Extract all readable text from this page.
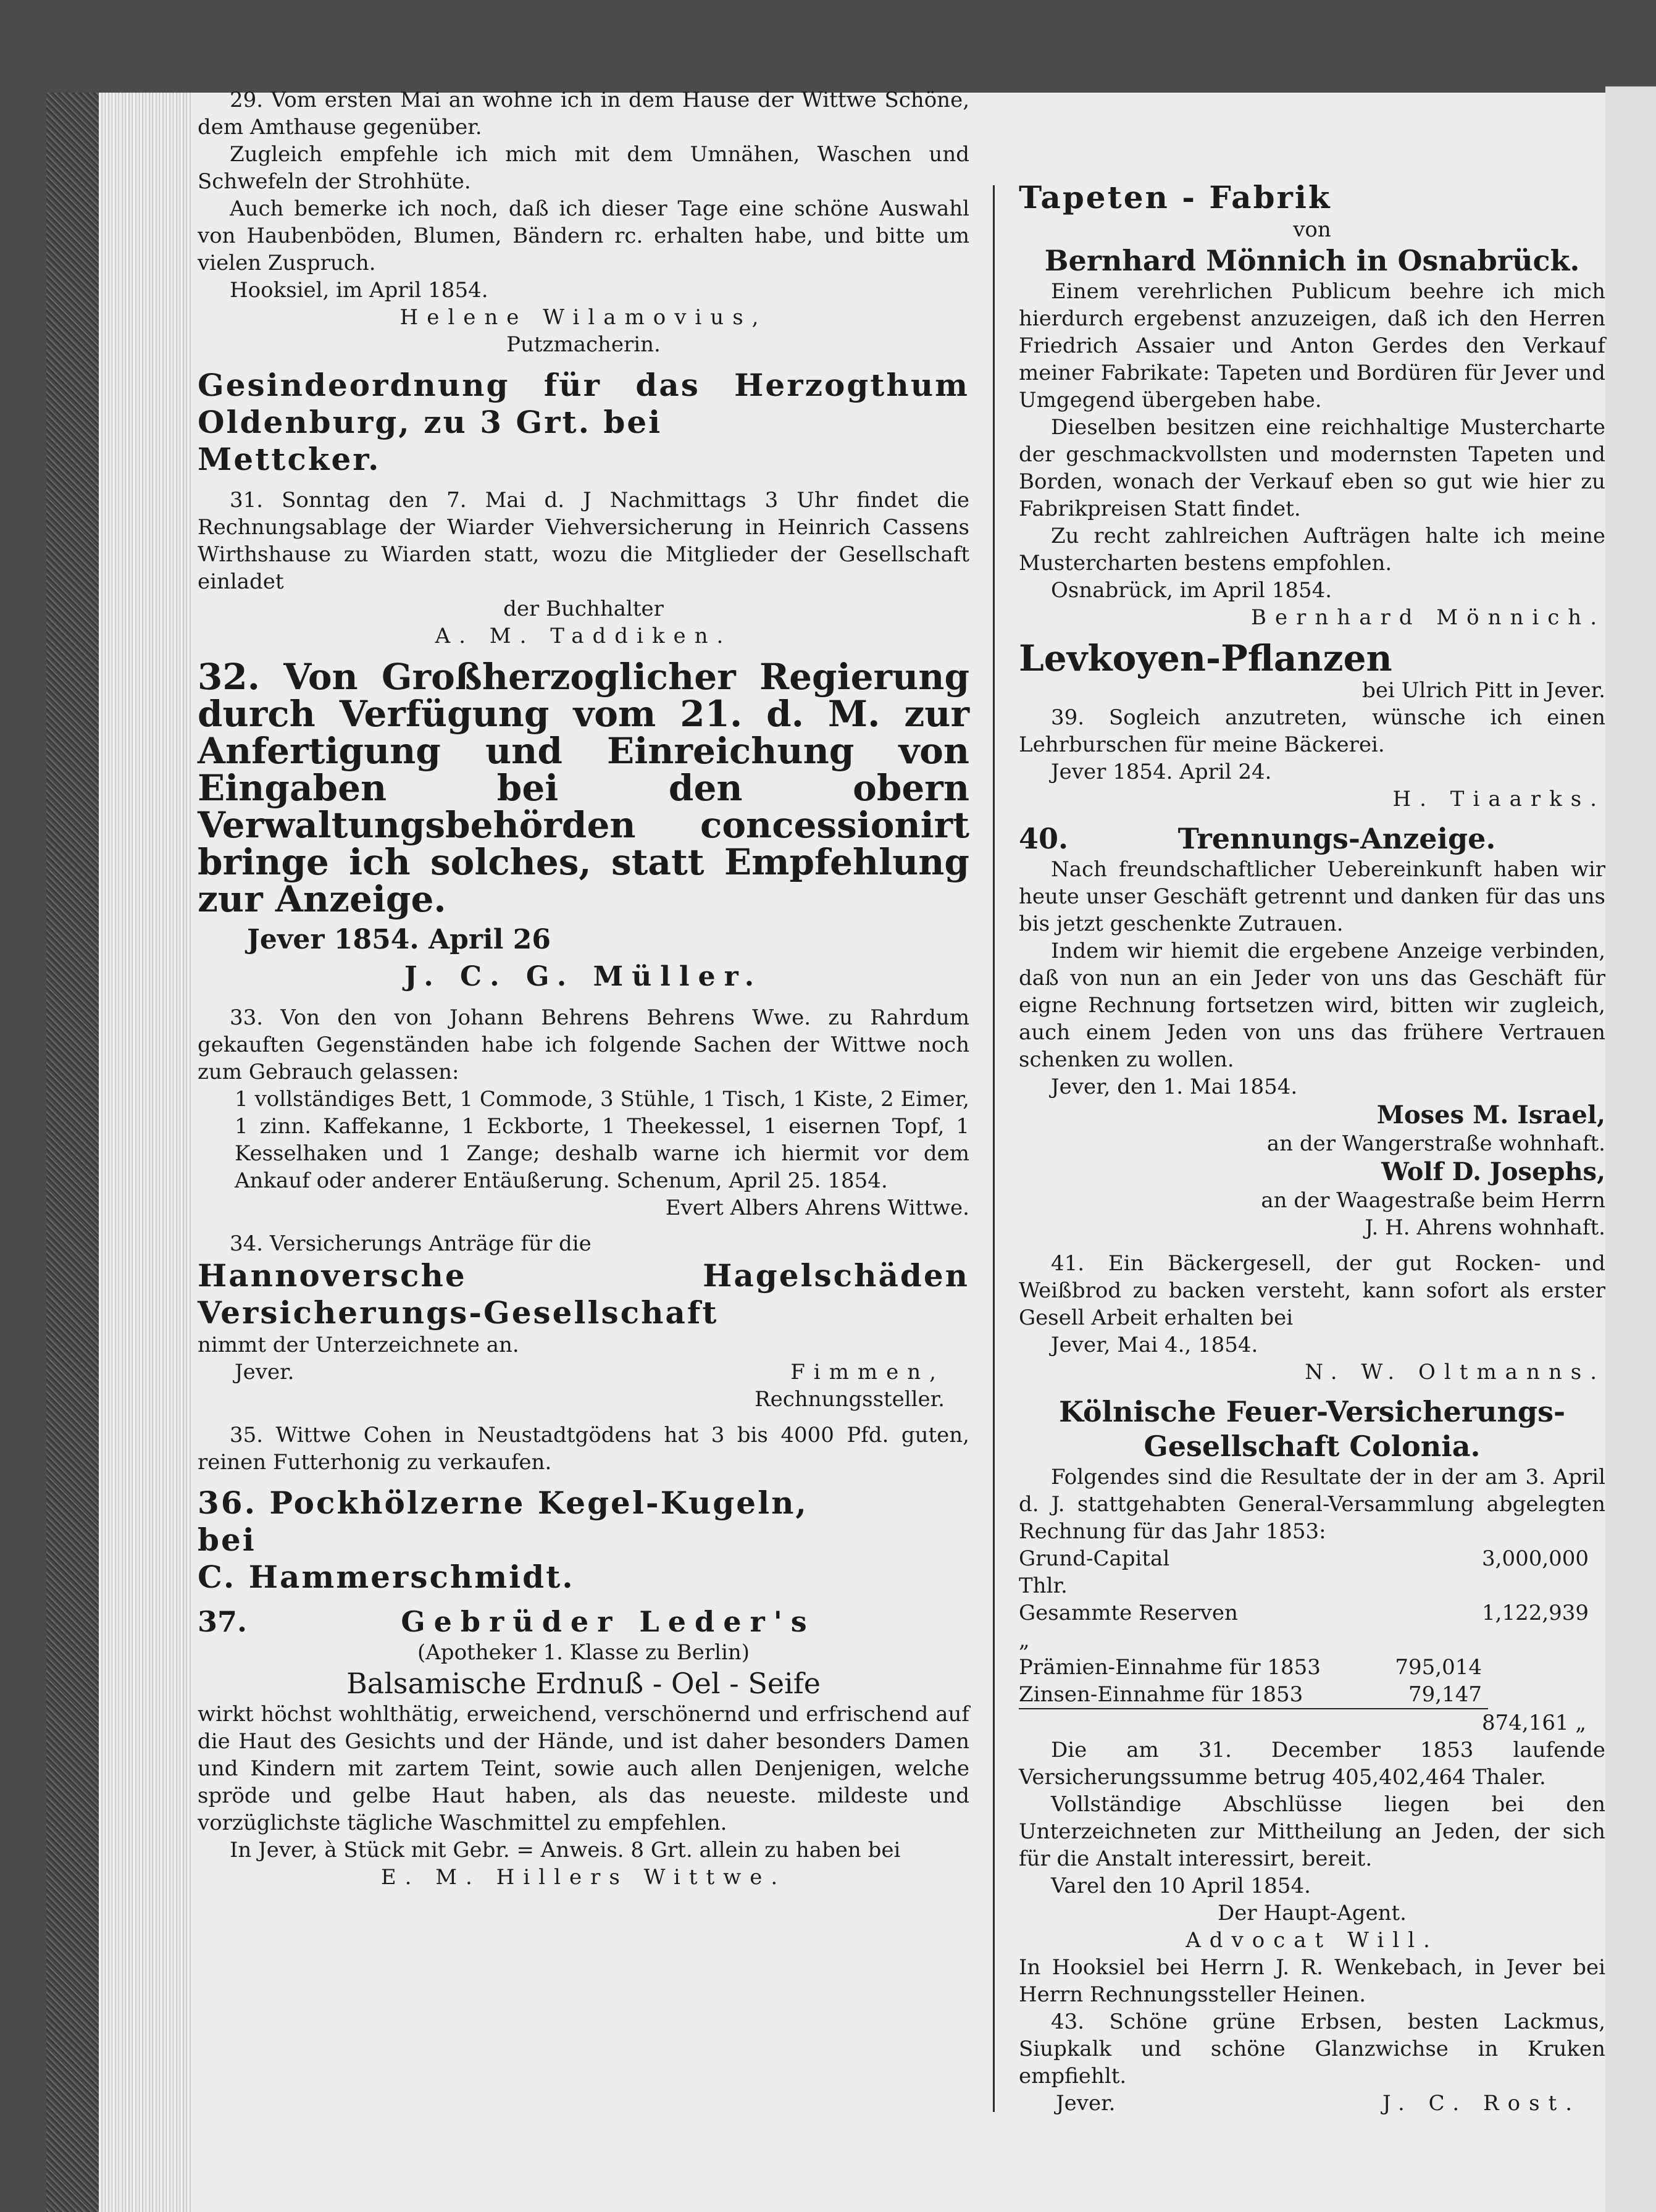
29. Vom ersten Mai an wohne ich in dem Hause der Wittwe Schöne, dem Amthause gegenüber.

Zugleich empfehle ich mich mit dem Umnähen, Waschen und Schwefeln der Strohhüte.

Auch bemerke ich noch, daß ich dieser Tage eine schöne Auswahl von Haubenböden, Blumen, Bändern rc. erhalten habe, und bitte um vielen Zuspruch.

Hooksiel, im April 1854.

Helene Wilamovius,

Putzmacherin.

Gesindeordnung für das Herzogthum Oldenburg, zu 3 Grt. bei

Mettcker.

31. Sonntag den 7. Mai d. J Nachmittags 3 Uhr findet die Rechnungsablage der Wiarder Viehversicherung in Heinrich Cassens Wirthshause zu Wiarden statt, wozu die Mitglieder der Gesellschaft einladet

der Buchhalter

A. M. Taddiken.

32. Von Großherzoglicher Regierung durch Verfügung vom 21. d. M. zur Anfertigung und Einreichung von Eingaben bei den obern Verwaltungsbehörden concessionirt bringe ich solches, statt Empfehlung zur Anzeige.

Jever 1854. April 26

J. C. G. Müller.

33. Von den von Johann Behrens Behrens Wwe. zu Rahrdum gekauften Gegenständen habe ich folgende Sachen der Wittwe noch zum Gebrauch gelassen:

1 vollständiges Bett, 1 Commode, 3 Stühle, 1 Tisch, 1 Kiste, 2 Eimer, 1 zinn. Kaffekanne, 1 Eckborte, 1 Theekessel, 1 eisernen Topf, 1 Kesselhaken und 1 Zange; deshalb warne ich hiermit vor dem Ankauf oder anderer Entäußerung. Schenum, April 25. 1854.

Evert Albers Ahrens Wittwe.

34. Versicherungs Anträge für die

Hannoversche Hagelschäden Versicherungs-Gesellschaft

nimmt der Unterzeichnete an.

Jever.	Fimmen,

Rechnungssteller.

35. Wittwe Cohen in Neustadtgödens hat 3 bis 4000 Pfd. guten, reinen Futterhonig zu verkaufen.

36. Pockhölzerne Kegel-Kugeln,

bei

C. Hammerschmidt.

37.	Gebrüder Leder's

(Apotheker 1. Klasse zu Berlin)

Balsamische Erdnuß - Oel - Seife

wirkt höchst wohlthätig, erweichend, verschönernd und erfrischend auf die Haut des Gesichts und der Hände, und ist daher besonders Damen und Kindern mit zartem Teint, sowie auch allen Denjenigen, welche spröde und gelbe Haut haben, als das neueste. mildeste und vorzüglichste tägliche Waschmittel zu empfehlen.

In Jever, à Stück mit Gebr. = Anweis. 8 Grt. allein zu haben bei

E. M. Hillers Wittwe.

Tapeten - Fabrik

von

Bernhard Mönnich in Osnabrück.

Einem verehrlichen Publicum beehre ich mich hierdurch ergebenst anzuzeigen, daß ich den Herren Friedrich Assaier und Anton Gerdes den Verkauf meiner Fabrikate: Tapeten und Bordüren für Jever und Umgegend übergeben habe.

Dieselben besitzen eine reichhaltige Mustercharte der geschmackvollsten und modernsten Tapeten und Borden, wonach der Verkauf eben so gut wie hier zu Fabrikpreisen Statt findet.

Zu recht zahlreichen Aufträgen halte ich meine Mustercharten bestens empfohlen.

Osnabrück, im April 1854.

Bernhard Mönnich.

Levkoyen-Pflanzen

bei Ulrich Pitt in Jever.

39. Sogleich anzutreten, wünsche ich einen Lehrburschen für meine Bäckerei.

Jever 1854. April 24.

H. Tiaarks.

40.	Trennungs-Anzeige.

Nach freundschaftlicher Uebereinkunft haben wir heute unser Geschäft getrennt und danken für das uns bis jetzt geschenkte Zutrauen.

Indem wir hiemit die ergebene Anzeige verbinden, daß von nun an ein Jeder von uns das Geschäft für eigne Rechnung fortsetzen wird, bitten wir zugleich, auch einem Jeden von uns das frühere Vertrauen schenken zu wollen.

Jever, den 1. Mai 1854.

Moses M. Israel,

an der Wangerstraße wohnhaft.

Wolf D. Josephs,

an der Waagestraße beim Herrn

J. H. Ahrens wohnhaft.

41. Ein Bäckergesell, der gut Rocken- und Weißbrod zu backen versteht, kann sofort als erster Gesell Arbeit erhalten bei

Jever, Mai 4., 1854.

N. W. Oltmanns.

Kölnische Feuer-Versicherungs-Gesellschaft Colonia.

Folgendes sind die Resultate der in der am 3. April d. J. stattgehabten General-Versammlung abgelegten Rechnung für das Jahr 1853:

Grund-Capital	3,000,000 Thlr.
Gesammte Reserven	1,122,939 „
Prämien-Einnahme für 1853	795,014
Zinsen-Einnahme für 1853	79,147
874,161 „

Die am 31. December 1853 laufende Versicherungssumme betrug 405,402,464 Thaler.

Vollständige Abschlüsse liegen bei den Unterzeichneten zur Mittheilung an Jeden, der sich für die Anstalt interessirt, bereit.

Varel den 10 April 1854.

Der Haupt-Agent.

Advocat Will.

In Hooksiel bei Herrn J. R. Wenkebach, in Jever bei Herrn Rechnungssteller Heinen.

43. Schöne grüne Erbsen, besten Lackmus, Siupkalk und schöne Glanzwichse in Kruken empfiehlt.

Jever.	J. C. Rost.
